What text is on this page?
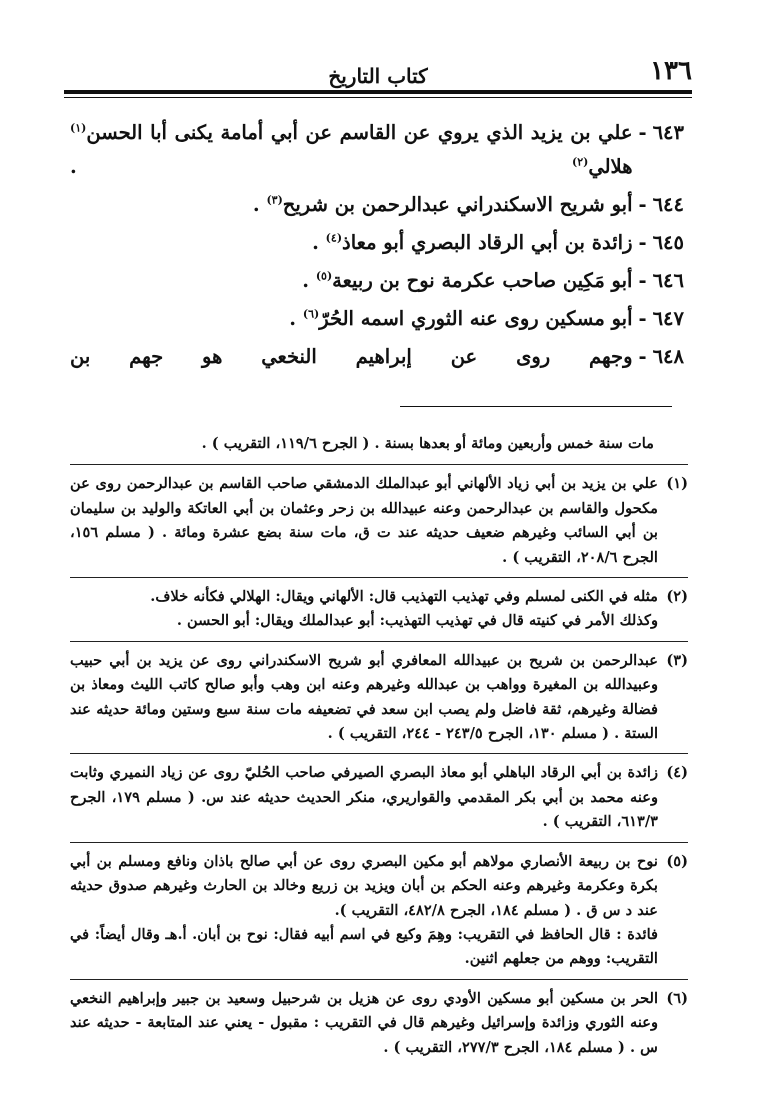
١٣٦
كتاب التاريخ
٦٤٣-
علي بن يزيد الذي يروي عن القاسم عن أبي أمامة يكنى أبا الحسن$^{(١)}$ هلالي$^{(٢)}$ .
٦٤٤-
أبو شريح الاسكندراني عبدالرحمن بن شريح$^{(٣)}$ .
٦٤٥-
زائدة بن أبي الرقاد البصري أبو معاذ$^{(٤)}$ .
٦٤٦-
أبو مَكِين صاحب عكرمة نوح بن ربيعة$^{(٥)}$ .
٦٤٧-
أبو مسكين روى عنه الثوري اسمه الحُرّ$^{(٦)}$ .
٦٤٨-
وجهم روى عن إبراهيم النخعي هو جهم بن
مات سنة خمس وأربعين ومائة أو بعدها بسنة . ( الجرح ١١٩/٦، التقريب ) .
(١)

علي بن يزيد بن أبي زياد الألهاني أبو عبدالملك الدمشقي صاحب القاسم بن عبدالرحمن روى عن مكحول والقاسم بن عبدالرحمن وعنه عبيدالله بن زحر وعثمان بن أبي العاتكة والوليد بن سليمان بن أبي السائب وغيرهم ضعيف حديثه عند ت ق، مات سنة بضع عشرة ومائة . ( مسلم ١٥٦، الجرح ٢٠٨/٦، التقريب ) .

(٢)

مثله في الكنى لمسلم وفي تهذيب التهذيب قال: الألهاني ويقال: الهلالي فكأنه خلاف.

وكذلك الأمر في كنيته قال في تهذيب التهذيب: أبو عبدالملك ويقال: أبو الحسن .

(٣)

عبدالرحمن بن شريح بن عبيدالله المعافري أبو شريح الاسكندراني روى عن يزيد بن أبي حبيب وعبيدالله بن المغيرة وواهب بن عبدالله وغيرهم وعنه ابن وهب وأبو صالح كاتب الليث ومعاذ بن فضالة وغيرهم، ثقة فاضل ولم يصب ابن سعد في تضعيفه مات سنة سبع وستين ومائة حديثه عند الستة . ( مسلم ١٣٠، الجرح ٢٤٣/٥ - ٢٤٤، التقريب ) .

(٤)

زائدة بن أبي الرقاد الباهلي أبو معاذ البصري الصيرفي صاحب الحُليّ روى عن زياد النميري وثابت وعنه محمد بن أبي بكر المقدمي والقواريري، منكر الحديث حديثه عند س. ( مسلم ١٧٩، الجرح ٦١٣/٣، التقريب ) .

(٥)

نوح بن ربيعة الأنصاري مولاهم أبو مكين البصري روى عن أبي صالح باذان ونافع ومسلم بن أبي بكرة وعكرمة وغيرهم وعنه الحكم بن أبان ويزيد بن زريع وخالد بن الحارث وغيرهم صدوق حديثه عند د س ق . ( مسلم ١٨٤، الجرح ٤٨٢/٨، التقريب ).

فائدة : قال الحافظ في التقريب: وهِمَ وكيع في اسم أبيه فقال: نوح بن أبان. أ.هـ وقال أيضاً: في التقريب: ووهم من جعلهم اثنين.

(٦)

الحر بن مسكين أبو مسكين الأودي روى عن هزيل بن شرحبيل وسعيد بن جبير وإبراهيم النخعي وعنه الثوري وزائدة وإسرائيل وغيرهم قال في التقريب : مقبول - يعني عند المتابعة - حديثه عند س . ( مسلم ١٨٤، الجرح ٢٧٧/٣، التقريب ) .
